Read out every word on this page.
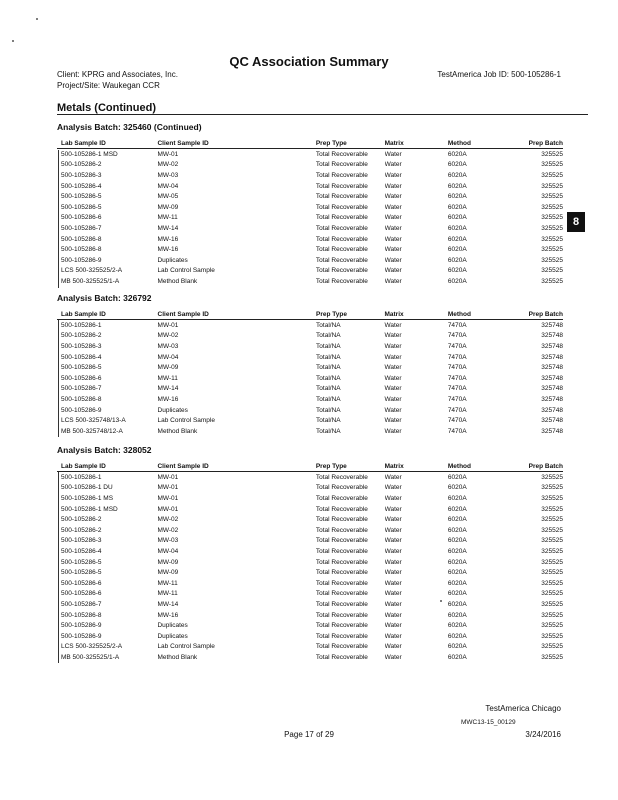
QC Association Summary
Client: KPRG and Associates, Inc.	TestAmerica Job ID: 500-105286-1
Project/Site: Waukegan CCR
Metals (Continued)
8
Analysis Batch: 325460 (Continued)
Lab Sample ID	Client Sample ID	Prep Type	Matrix	Method	Prep Batch
500-105286-1 MSD	MW-01	Total Recoverable	Water	6020A	325525
500-105286-2	MW-02	Total Recoverable	Water	6020A	325525
500-105286-3	MW-03	Total Recoverable	Water	6020A	325525
500-105286-4	MW-04	Total Recoverable	Water	6020A	325525
500-105286-5	MW-05	Total Recoverable	Water	6020A	325525
500-105286-5	MW-09	Total Recoverable	Water	6020A	325525
500-105286-6	MW-11	Total Recoverable	Water	6020A	325525
500-105286-7	MW-14	Total Recoverable	Water	6020A	325525
500-105286-8	MW-16	Total Recoverable	Water	6020A	325525
500-105286-8	MW-16	Total Recoverable	Water	6020A	325525
500-105286-9	Duplicates	Total Recoverable	Water	6020A	325525
LCS 500-325525/2-A	Lab Control Sample	Total Recoverable	Water	6020A	325525
MB 500-325525/1-A	Method Blank	Total Recoverable	Water	6020A	325525
Analysis Batch: 326792
Lab Sample ID	Client Sample ID	Prep Type	Matrix	Method	Prep Batch
500-105286-1	MW-01	Total/NA	Water	7470A	325748
500-105286-2	MW-02	Total/NA	Water	7470A	325748
500-105286-3	MW-03	Total/NA	Water	7470A	325748
500-105286-4	MW-04	Total/NA	Water	7470A	325748
500-105286-5	MW-09	Total/NA	Water	7470A	325748
500-105286-6	MW-11	Total/NA	Water	7470A	325748
500-105286-7	MW-14	Total/NA	Water	7470A	325748
500-105286-8	MW-16	Total/NA	Water	7470A	325748
500-105286-9	Duplicates	Total/NA	Water	7470A	325748
LCS 500-325748/13-A	Lab Control Sample	Total/NA	Water	7470A	325748
MB 500-325748/12-A	Method Blank	Total/NA	Water	7470A	325748
Analysis Batch: 328052
Lab Sample ID	Client Sample ID	Prep Type	Matrix	Method	Prep Batch
500-105286-1	MW-01	Total Recoverable	Water	6020A	325525
500-105286-1 DU	MW-01	Total Recoverable	Water	6020A	325525
500-105286-1 MS	MW-01	Total Recoverable	Water	6020A	325525
500-105286-1 MSD	MW-01	Total Recoverable	Water	6020A	325525
500-105286-2	MW-02	Total Recoverable	Water	6020A	325525
500-105286-2	MW-02	Total Recoverable	Water	6020A	325525
500-105286-3	MW-03	Total Recoverable	Water	6020A	325525
500-105286-4	MW-04	Total Recoverable	Water	6020A	325525
500-105286-5	MW-09	Total Recoverable	Water	6020A	325525
500-105286-5	MW-09	Total Recoverable	Water	6020A	325525
500-105286-6	MW-11	Total Recoverable	Water	6020A	325525
500-105286-6	MW-11	Total Recoverable	Water	6020A	325525
500-105286-7	MW-14	Total Recoverable	Water	6020A	325525
500-105286-8	MW-16	Total Recoverable	Water	6020A	325525
500-105286-9	Duplicates	Total Recoverable	Water	6020A	325525
500-105286-9	Duplicates	Total Recoverable	Water	6020A	325525
LCS 500-325525/2-A	Lab Control Sample	Total Recoverable	Water	6020A	325525
MB 500-325525/1-A	Method Blank	Total Recoverable	Water	6020A	325525
TestAmerica Chicago
MWC13-15_00129
Page 17 of 29	3/24/2016
